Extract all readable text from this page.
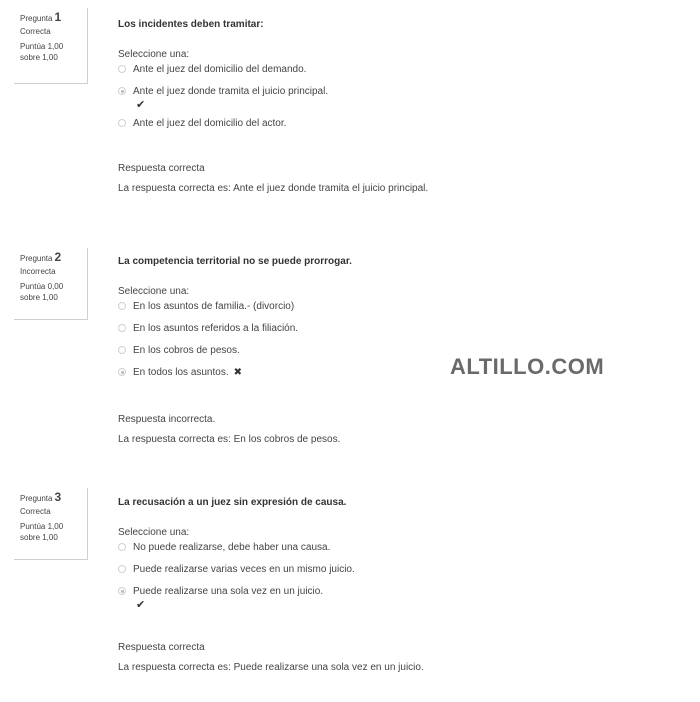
Pregunta 1
Correcta
Puntúa 1,00
sobre 1,00

Los incidentes deben tramitar:

Seleccione una:
Ante el juez del domicilio del demando.
Ante el juez donde tramita el juicio principal.
✔
Ante el juez del domicilio del actor.
Respuesta correcta
La respuesta correcta es: Ante el juez donde tramita el juicio principal.
Pregunta 2
Incorrecta
Puntúa 0,00
sobre 1,00

La competencia territorial no se puede prorrogar.

Seleccione una:
En los asuntos de familia.- (divorcio)
En los asuntos referidos a la filiación.
En los cobros de pesos.
En todos los asuntos. ✖
Respuesta incorrecta.
La respuesta correcta es: En los cobros de pesos.
ALTILLO.COM
Pregunta 3
Correcta
Puntúa 1,00
sobre 1,00

La recusación a un juez sin expresión de causa.

Seleccione una:
No puede realizarse, debe haber una causa.
Puede realizarse varias veces en un mismo juicio.
Puede realizarse una sola vez en un juicio.
✔
Respuesta correcta
La respuesta correcta es: Puede realizarse una sola vez en un juicio.
